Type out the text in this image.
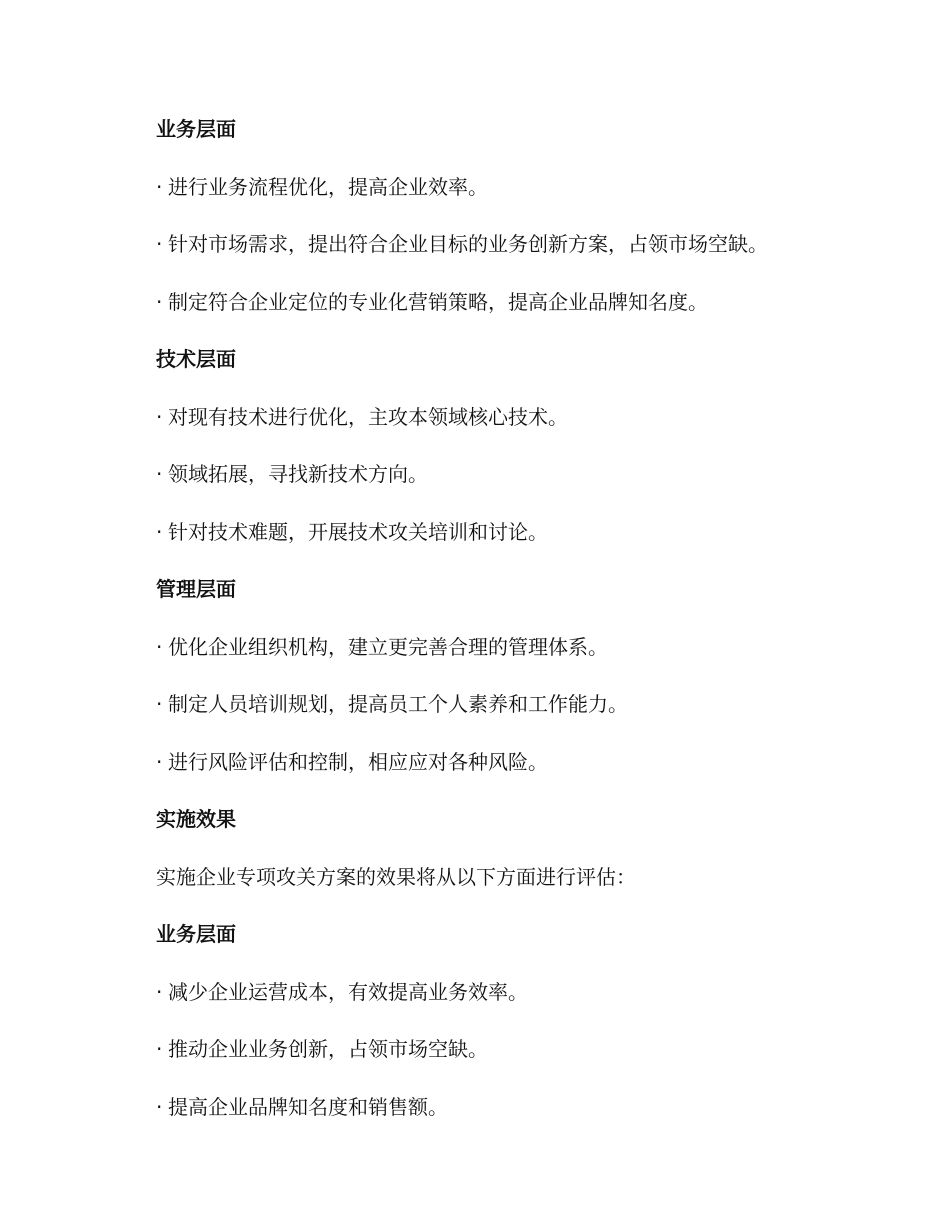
业务层面
· 进行业务流程优化，提高企业效率。
· 针对市场需求，提出符合企业目标的业务创新方案，占领市场空缺。
· 制定符合企业定位的专业化营销策略，提高企业品牌知名度。
技术层面
· 对现有技术进行优化，主攻本领域核心技术。
· 领域拓展，寻找新技术方向。
· 针对技术难题，开展技术攻关培训和讨论。
管理层面
· 优化企业组织机构，建立更完善合理的管理体系。
· 制定人员培训规划，提高员工个人素养和工作能力。
· 进行风险评估和控制，相应应对各种风险。
实施效果
实施企业专项攻关方案的效果将从以下方面进行评估：
业务层面
· 减少企业运营成本，有效提高业务效率。
· 推动企业业务创新，占领市场空缺。
· 提高企业品牌知名度和销售额。
